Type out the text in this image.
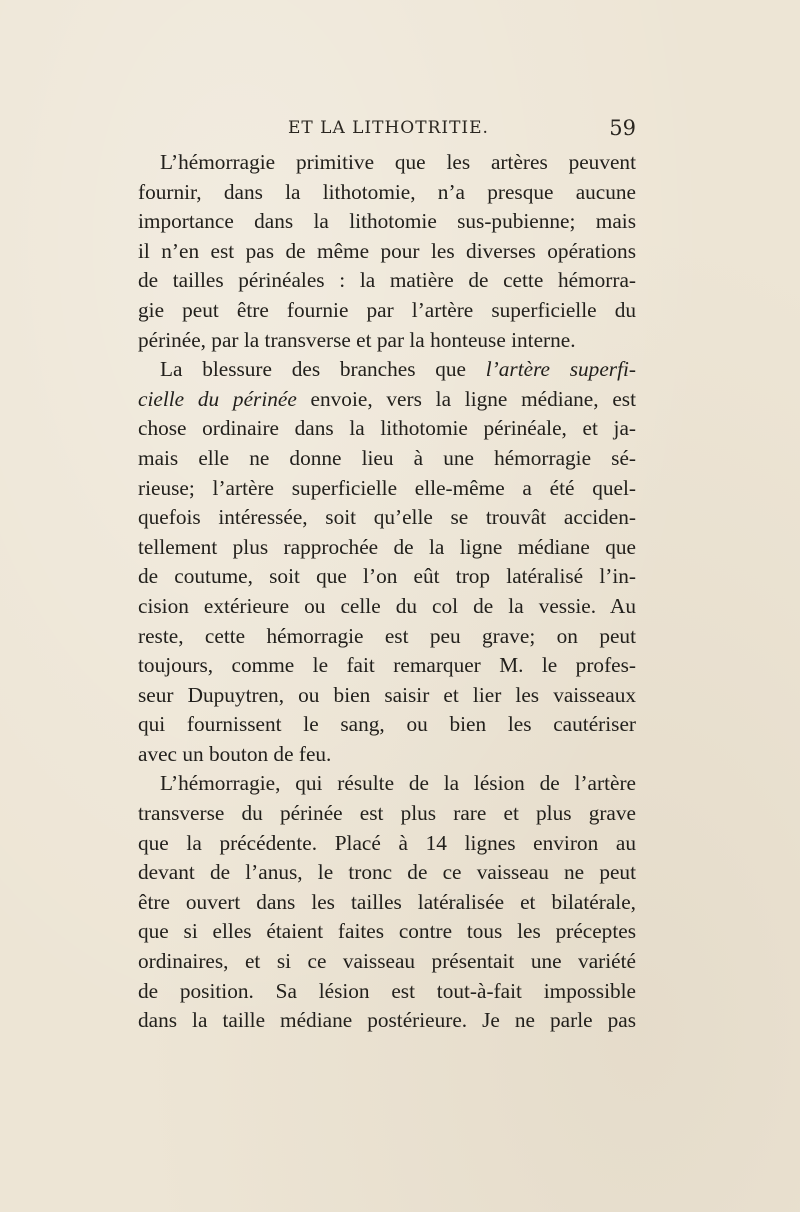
ET LA LITHOTRITIE.	59
L’hémorragie primitive que les artères peuvent
fournir, dans la lithotomie, n’a presque aucune
importance dans la lithotomie sus-pubienne; mais
il n’en est pas de même pour les diverses opérations
de tailles périnéales : la matière de cette hémorra-
gie peut être fournie par l’artère superficielle du
périnée, par la transverse et par la honteuse interne.
La blessure des branches que l’artère superfi-
cielle du périnée envoie, vers la ligne médiane, est
chose ordinaire dans la lithotomie périnéale, et ja-
mais elle ne donne lieu à une hémorragie sé-
rieuse; l’artère superficielle elle-même a été quel-
quefois intéressée, soit qu’elle se trouvât acciden-
tellement plus rapprochée de la ligne médiane que
de coutume, soit que l’on eût trop latéralisé l’in-
cision extérieure ou celle du col de la vessie. Au
reste, cette hémorragie est peu grave; on peut
toujours, comme le fait remarquer M. le profes-
seur Dupuytren, ou bien saisir et lier les vaisseaux
qui fournissent le sang, ou bien les cautériser
avec un bouton de feu.
L’hémorragie, qui résulte de la lésion de l’artère
transverse du périnée est plus rare et plus grave
que la précédente. Placé à 14 lignes environ au
devant de l’anus, le tronc de ce vaisseau ne peut
être ouvert dans les tailles latéralisée et bilatérale,
que si elles étaient faites contre tous les préceptes
ordinaires, et si ce vaisseau présentait une variété
de position. Sa lésion est tout-à-fait impossible
dans la taille médiane postérieure. Je ne parle pas
